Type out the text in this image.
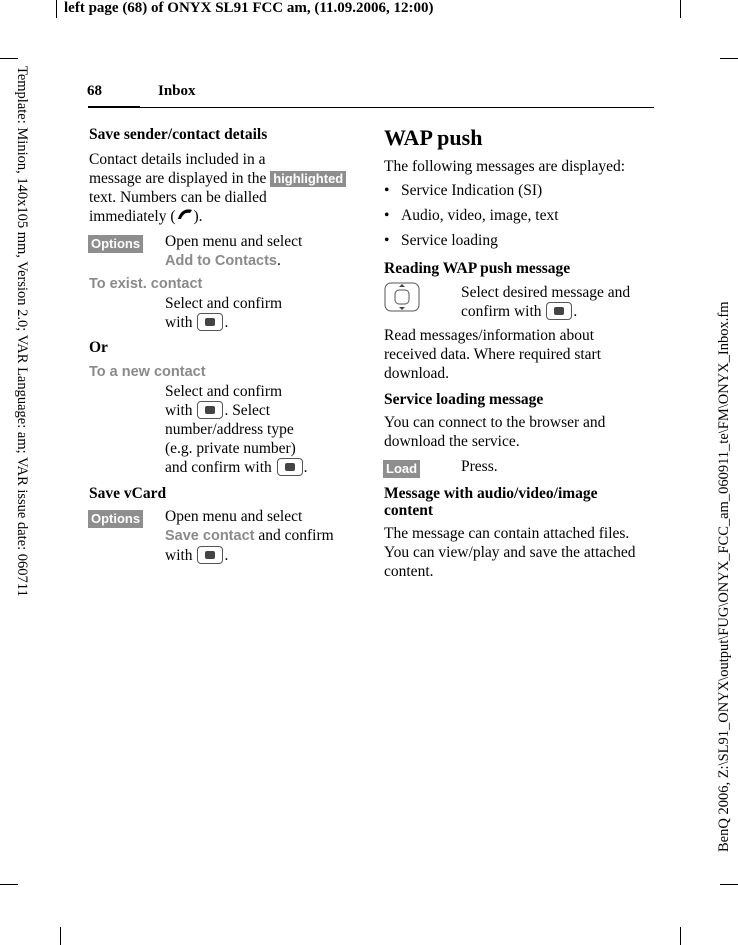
left page (68) of ONYX SL91 FCC am, (11.09.2006, 12:00)
Template: Minion, 140x105 mm, Version 2.0; VAR Language: am; VAR issue date: 060711	BenQ 2006, Z:\SL91_ONYX\output\FUG\ONYX_FCC_am_060911_te\FM\ONYX_Inbox.fm
68	Inbox
Save sender/contact details
Contact details included in a
message are displayed in the highlighted
text. Numbers can be dialled
immediately ( ).
Options Open menu and select
Add to Contacts.
To exist. contact
Select and confirm
with .
Or
To a new contact
Select and confirm
with . Select
number/address type
(e.g. private number)
and confirm with .
Save vCard
Options Open menu and select
Save contact and confirm
with .
WAP push
The following messages are displayed:
• Service Indication (SI)
• Audio, video, image, text
• Service loading
Reading WAP push message
Select desired message and
confirm with .
Read messages/information about
received data. Where required start
download.
Service loading message
You can connect to the browser and
download the service.
Load	Press.
Message with audio/video/image
content
The message can contain attached files.
You can view/play and save the attached
content.
